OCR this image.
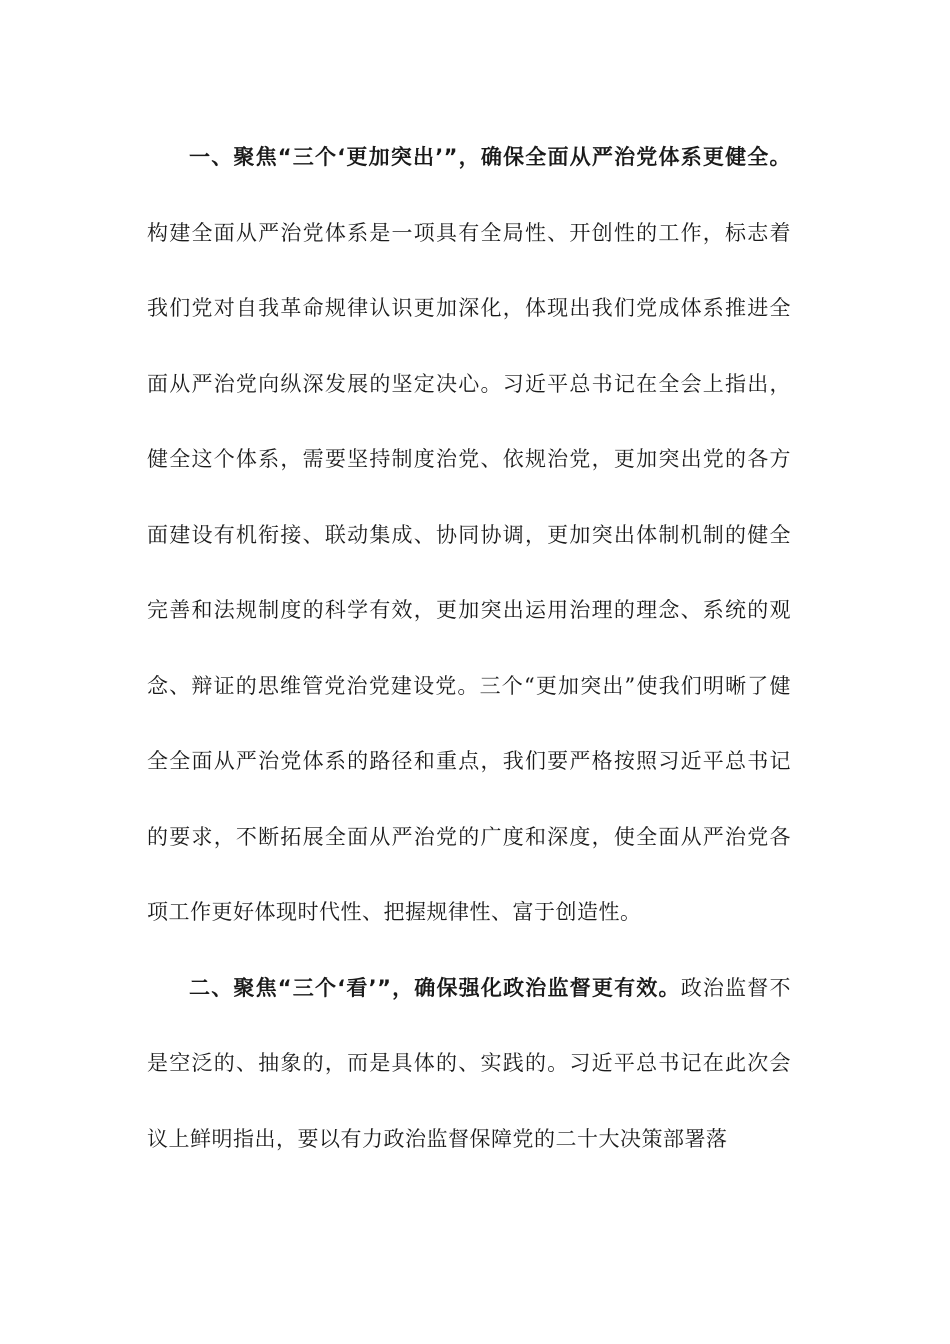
一、聚焦“三个‘更加突出’”，确保全面从严治党体系更健全。构建全面从严治党体系是一项具有全局性、开创性的工作，标志着我们党对自我革命规律认识更加深化，体现出我们党成体系推进全面从严治党向纵深发展的坚定决心。习近平总书记在全会上指出，健全这个体系，需要坚持制度治党、依规治党，更加突出党的各方面建设有机衔接、联动集成、协同协调，更加突出体制机制的健全完善和法规制度的科学有效，更加突出运用治理的理念、系统的观念、辩证的思维管党治党建设党。三个“更加突出”使我们明晰了健全全面从严治党体系的路径和重点，我们要严格按照习近平总书记的要求，不断拓展全面从严治党的广度和深度，使全面从严治党各项工作更好体现时代性、把握规律性、富于创造性。

二、聚焦“三个‘看’”，确保强化政治监督更有效。政治监督不是空泛的、抽象的，而是具体的、实践的。习近平总书记在此次会议上鲜明指出，要以有力政治监督保障党的二十大决策部署落
